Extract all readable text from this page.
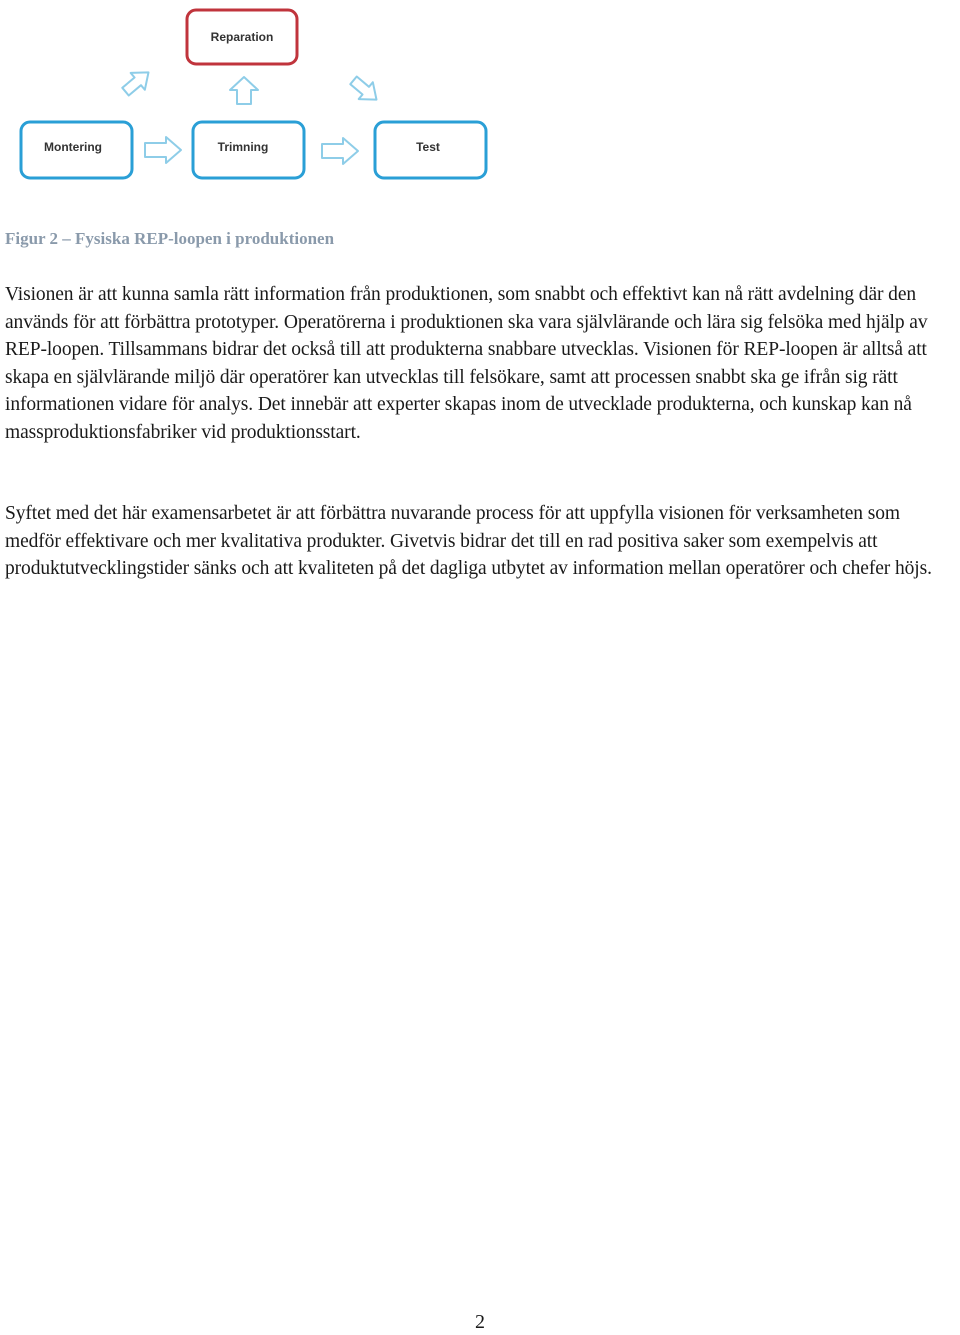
Reparation
Montering	Trimning	Test

Figur 2 – Fysiska REP-loopen i produktionen

Visionen är att kunna samla rätt information från produktionen, som snabbt och effektivt kan nå rätt avdelning där den används för att förbättra prototyper. Operatörerna i produktionen ska vara självlärande och lära sig felsöka med hjälp av REP-loopen. Tillsammans bidrar det också till att produkterna snabbare utvecklas. Visionen för REP-loopen är alltså att skapa en självlärande miljö där operatörer kan utvecklas till felsökare, samt att processen snabbt ska ge ifrån sig rätt informationen vidare för analys. Det innebär att experter skapas inom de utvecklade produkterna, och kunskap kan nå massproduktionsfabriker vid produktionsstart.

Syftet med det här examensarbetet är att förbättra nuvarande process för att uppfylla visionen för verksamheten som medför effektivare och mer kvalitativa produkter. Givetvis bidrar det till en rad positiva saker som exempelvis att produktutvecklingstider sänks och att kvaliteten på det dagliga utbytet av information mellan operatörer och chefer höjs.

2
